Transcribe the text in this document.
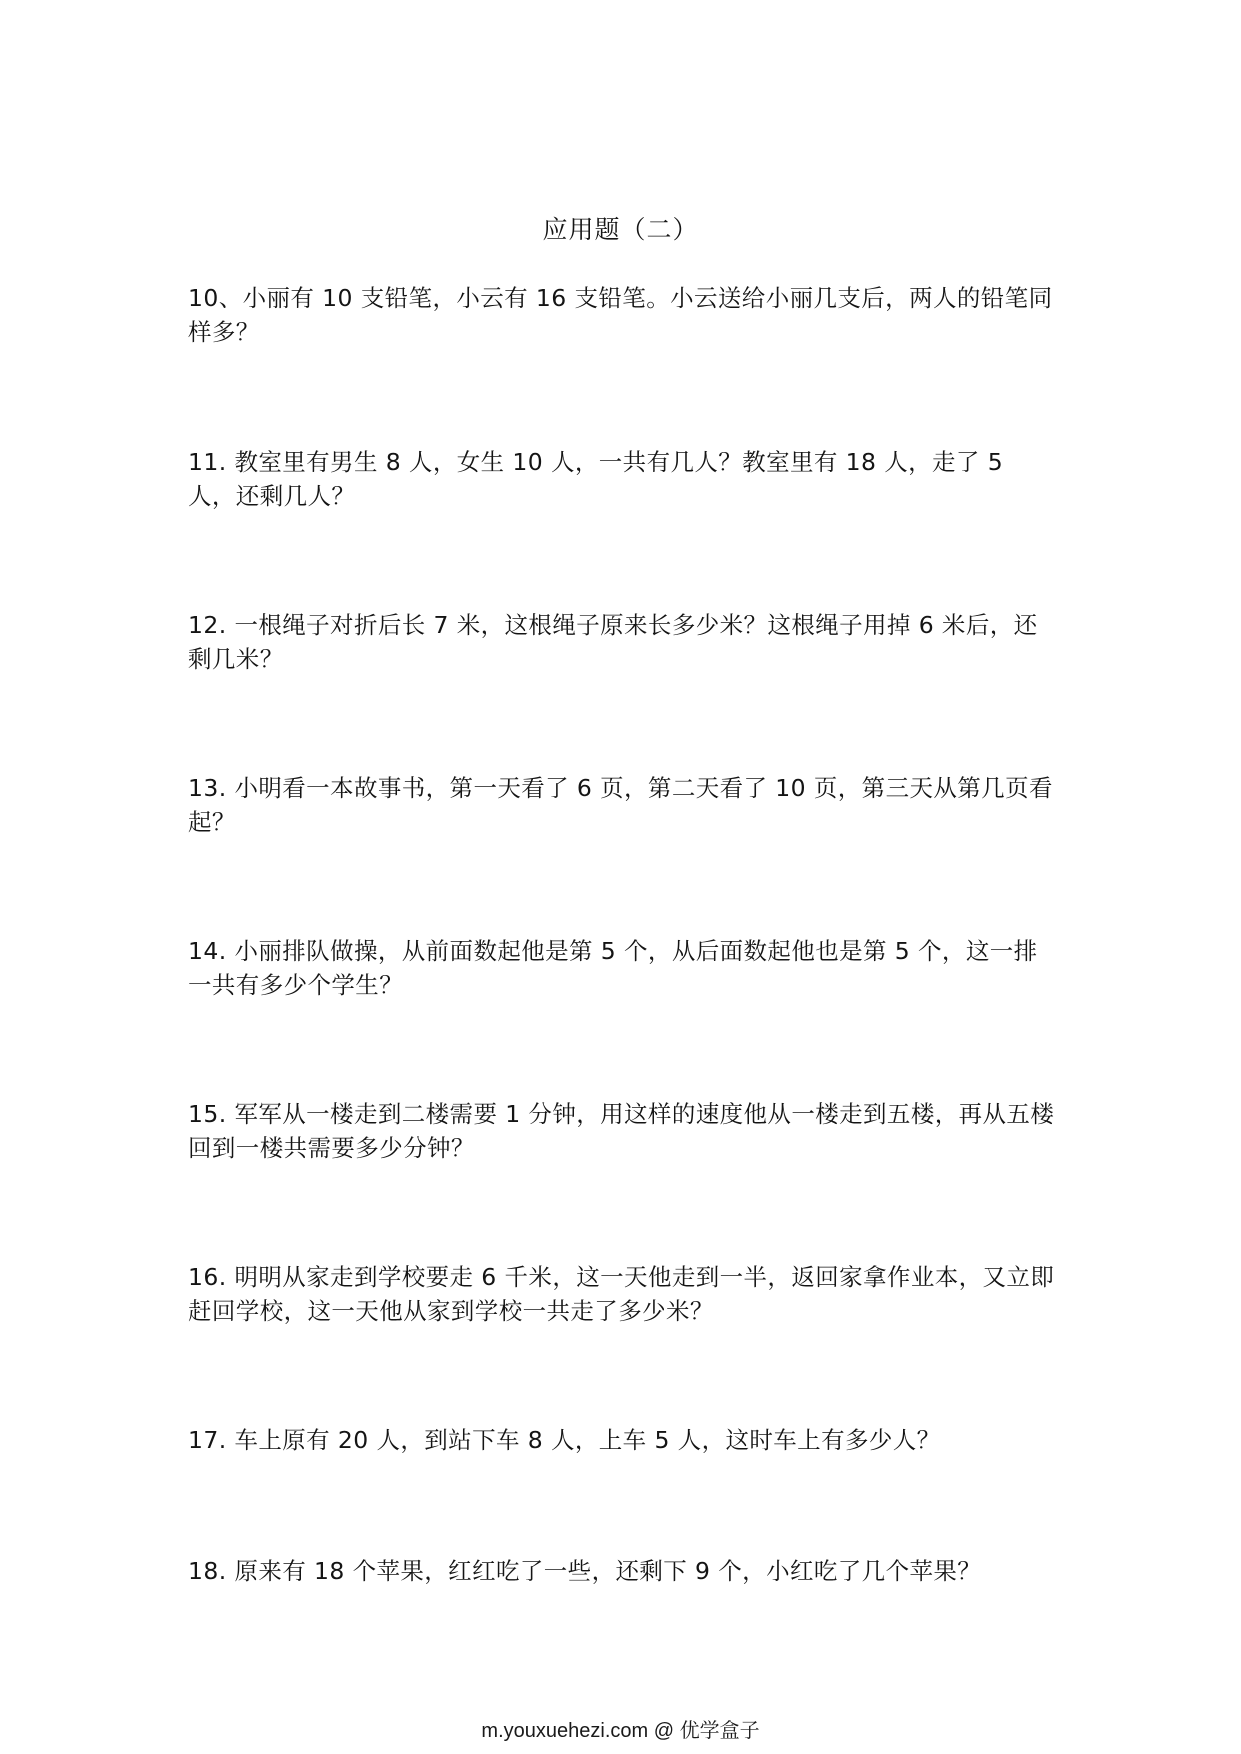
应用题（二）

10、小丽有 10 支铅笔，小云有 16 支铅笔。小云送给小丽几支后，两人的铅笔同样多？

11. 教室里有男生 8 人，女生 10 人，一共有几人？教室里有 18 人，走了 5 人，还剩几人？

12. 一根绳子对折后长 7 米，这根绳子原来长多少米？这根绳子用掉 6 米后，还剩几米？

13. 小明看一本故事书，第一天看了 6 页，第二天看了 10 页，第三天从第几页看起？

14. 小丽排队做操，从前面数起他是第 5 个，从后面数起他也是第 5 个，这一排一共有多少个学生？

15. 军军从一楼走到二楼需要 1 分钟，用这样的速度他从一楼走到五楼，再从五楼回到一楼共需要多少分钟？

16. 明明从家走到学校要走 6 千米，这一天他走到一半，返回家拿作业本，又立即赶回学校，这一天他从家到学校一共走了多少米？

17. 车上原有 20 人，到站下车 8 人，上车 5 人，这时车上有多少人？

18. 原来有 18 个苹果，红红吃了一些，还剩下 9 个，小红吃了几个苹果？

m.youxuehezi.com @ 优学盒子
